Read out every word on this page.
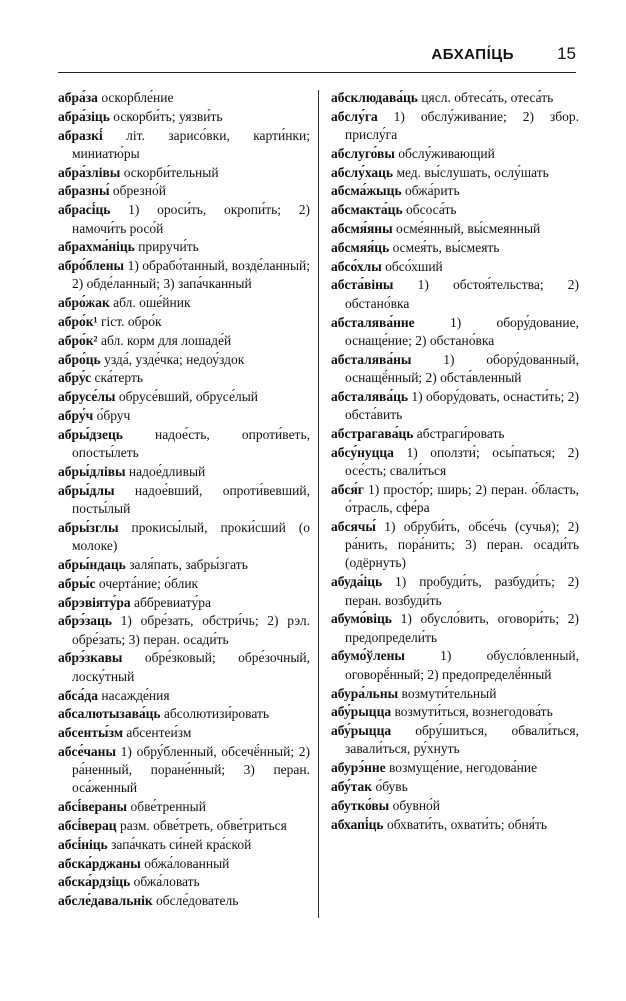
АБХАПІ́ЦЬ	15

абра́за оскорбле́ние

абра́зіць оскорби́ть; уязви́ть

абразкі́ літ. зарисо́вки, карти́нки; миниатю́ры

абра́злівы оскорби́тельный

абразны́ обрезно́й

абрасі́ць 1) ороси́ть, окропи́ть; 2) намочи́ть росо́й

абрахма́ніць приручи́ть

абро́блены 1) обрабо́танный, возде́ланный; 2) обде́ланный; 3) запа́чканный

абро́жак абл. оше́йник

абро́к¹ гіст. обро́к

абро́к² абл. корм для лошаде́й

абро́ць узда́, узде́чка; недоу́здок

абру́с ска́терть

абрусе́лы обрусе́вший, обрусе́лый

абру́ч о́бруч

абры́дзець надое́сть, опроти́веть, опосты́леть

абры́длівы надое́дливый

абры́длы надое́вший, опроти́вевший, посты́лый

абры́зглы прокисы́лый, проки́сший (о молоке)

абры́ндаць заля́пать, забры́згать

абры́с очерта́ние; о́блик

абрэвіяту́ра аббревиату́ра

абрэ́заць 1) обре́зать, обстри́чь; 2) рэл. обре́зать; 3) перан. осади́ть

абрэ́зкавы обре́зковый; обре́зочный, лоску́тный

абса́да насажде́ния

абсалютызава́ць абсолютизи́ровать

абсенты́зм абсентеи́зм

абсе́чаны 1) обру́бленный, обсечё́нный; 2) ра́ненный, поране́нный; 3) перан. оса́женный

абсі́вераны обве́тренный

абсі́верац разм. обве́треть, обве́триться

абсі́ніць запа́чкать си́ней кра́ской

абска́рджаны обжа́лованный

абска́рдзіць обжа́ловать

абсле́давальнік обсле́дователь

абсклюдава́ць цясл. обтеса́ть, отеса́ть

абслу́га 1) обслу́живание; 2) збор. прислу́га

абслуго́вы обслу́живающий

абслу́хаць мед. вы́слушать, ослу́шать

абсма́жыць обжа́рить

абсмакта́ць обсоса́ть

абсмя́яны осме́янный, вы́смеянный

абсмяя́ць осмея́ть, вы́смеять

абсо́хлы обсо́хший

абста́віны 1) обстоя́тельства; 2) обстано́вка

абсталява́нне	1) обору́дование, оснаще́ние; 2) обстано́вка

абсталява́ны 1) обору́дованный, оснащё́нный; 2) обста́вленный

абсталява́ць 1) обору́довать, оснасти́ть; 2) обста́вить

абстрагава́ць абстраги́ровать

абсу́нуцца 1) оползти́; осы́паться; 2) осе́сть; свали́ться

абся́г 1) просто́р; ширь; 2) перан. о́бласть, о́трасль, сфе́ра

абсячы́ 1) обруби́ть, обсе́чь (сучья); 2) ра́нить, пора́нить; 3) перан. осади́ть (одёрнуть)

абуда́іць 1) пробуди́ть, разбуди́ть; 2) перан. возбуди́ть

абумо́віць 1) обусло́вить, оговори́ть; 2) предопредели́ть

абумо́ўлены	1) обусло́вленный, оговорё́нный; 2) предопределё́нный

абура́льны возмути́тельный

абу́рыцца возмути́ться, вознегодова́ть

абу́рыцца обру́шиться, обвали́ться, завали́ться, ру́хнуть

абурэ́нне возмуще́ние, негодова́ние

абу́так о́бувь

абутко́вы обувно́й

абхапі́ць обхвати́ть, охвати́ть; обня́ть
